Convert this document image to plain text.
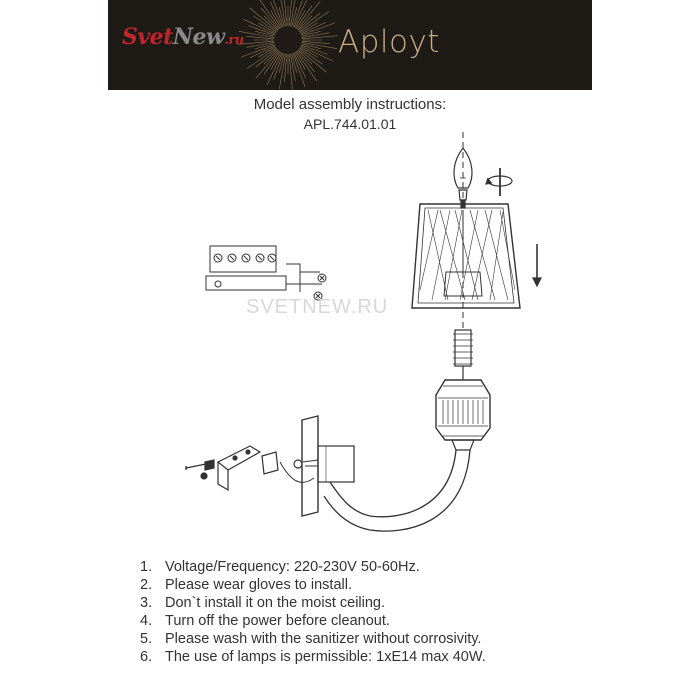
SvetNew.ru	Aployt
Model assembly instructions:
APL.744.01.01
SVETNEW.RU
1. Voltage/Frequency: 220-230V 50-60Hz.
2. Please wear gloves to install.
3. Don`t install it on the moist ceiling.
4. Turn off the power before cleanout.
5. Please wash with the sanitizer without corrosivity.
6. The use of lamps is permissible: 1xE14 max 40W.
